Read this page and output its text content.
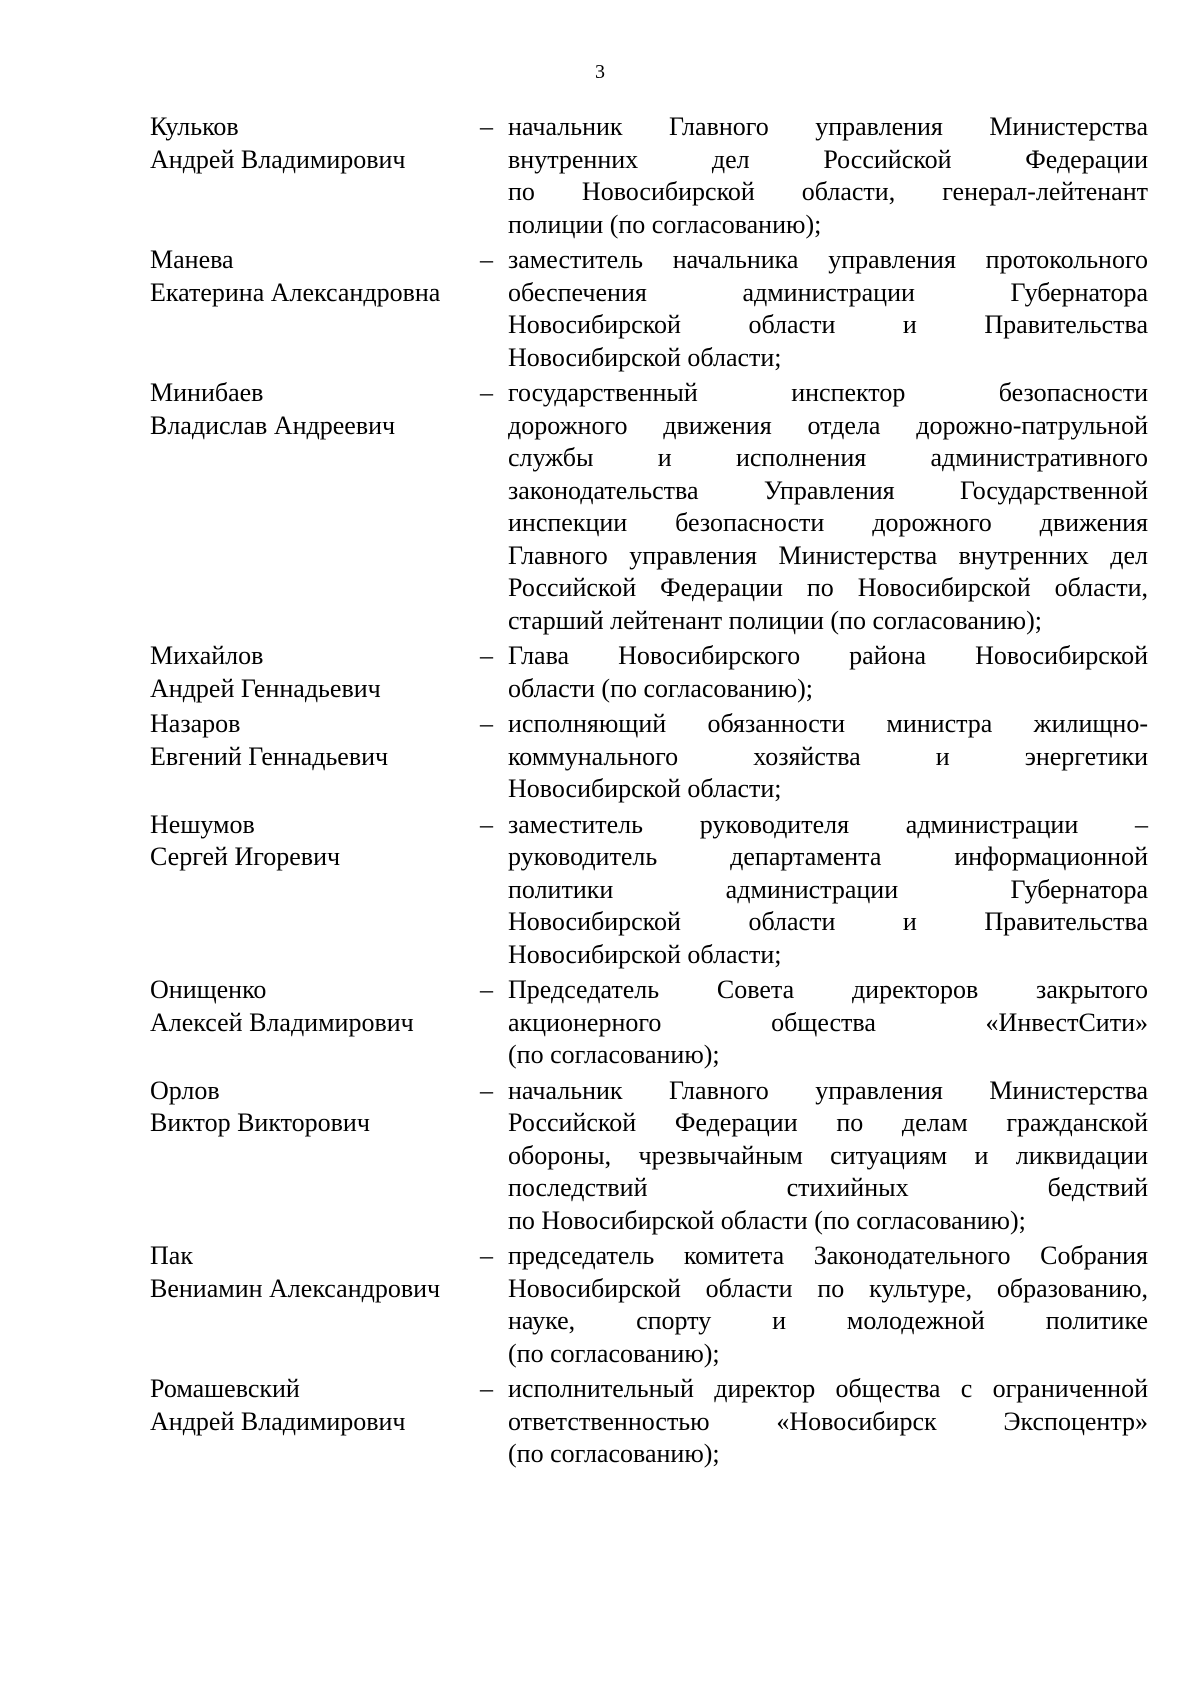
3
Кульков
Андрей Владимирович
– начальник Главного управления Министерства
внутренних дел Российской Федерации
по Новосибирской области, генерал-лейтенант
полиции (по согласованию);
Манева
Екатерина Александровна
– заместитель начальника управления протокольного
обеспечения администрации Губернатора
Новосибирской области и Правительства
Новосибирской области;
Минибаев
Владислав Андреевич
– государственный инспектор безопасности
дорожного движения отдела дорожно-патрульной
службы и исполнения административного
законодательства Управления Государственной
инспекции безопасности дорожного движения
Главного управления Министерства внутренних дел
Российской Федерации по Новосибирской области,
старший лейтенант полиции (по согласованию);
Михайлов
Андрей Геннадьевич
– Глава Новосибирского района Новосибирской
области (по согласованию);
Назаров
Евгений Геннадьевич
– исполняющий обязанности министра жилищно-
коммунального хозяйства и энергетики
Новосибирской области;
Нешумов
Сергей Игоревич
– заместитель руководителя администрации –
руководитель департамента информационной
политики администрации Губернатора
Новосибирской области и Правительства
Новосибирской области;
Онищенко
Алексей Владимирович
– Председатель Совета директоров закрытого
акционерного общества «ИнвестСити»
(по согласованию);
Орлов
Виктор Викторович
– начальник Главного управления Министерства
Российской Федерации по делам гражданской
обороны, чрезвычайным ситуациям и ликвидации
последствий стихийных бедствий
по Новосибирской области (по согласованию);
Пак
Вениамин Александрович
– председатель комитета Законодательного Собрания
Новосибирской области по культуре, образованию,
науке, спорту и молодежной политике
(по согласованию);
Ромашевский
Андрей Владимирович
– исполнительный директор общества с ограниченной
ответственностью «Новосибирск Экспоцентр»
(по согласованию);
